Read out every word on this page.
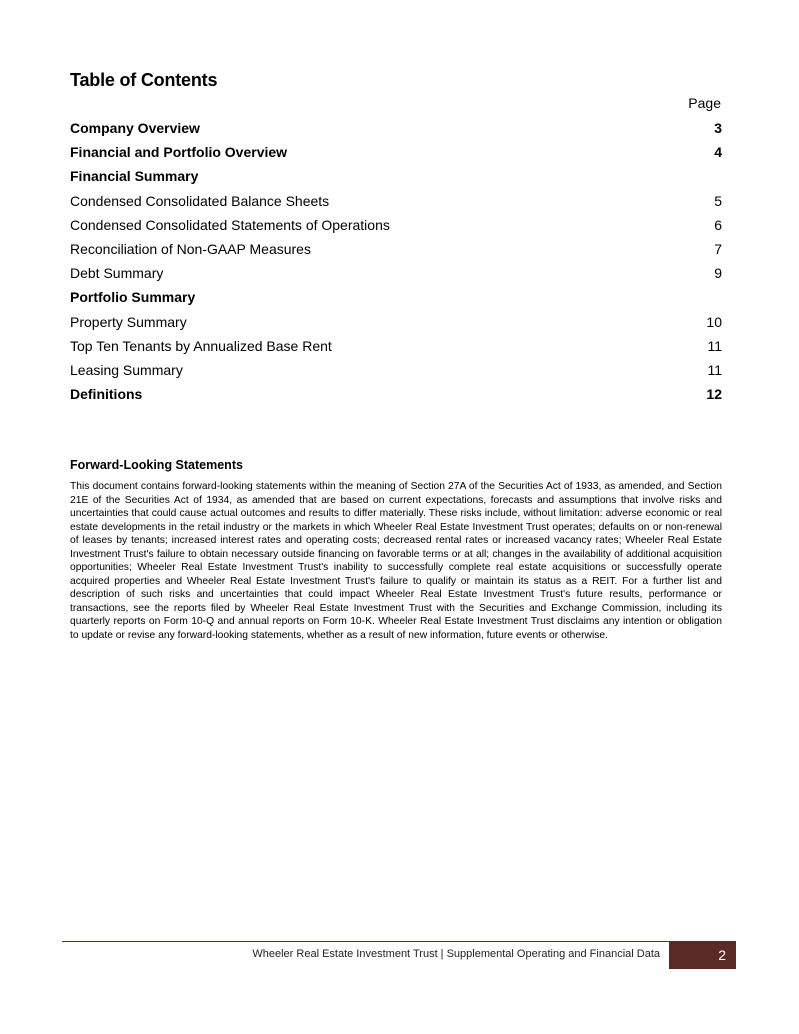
Table of Contents
Page
Company Overview	3
Financial and Portfolio Overview	4
Financial Summary
Condensed Consolidated Balance Sheets	5
Condensed Consolidated Statements of Operations	6
Reconciliation of Non-GAAP Measures	7
Debt Summary	9
Portfolio Summary
Property Summary	10
Top Ten Tenants by Annualized Base Rent	11
Leasing Summary	11
Definitions	12
Forward-Looking Statements

This document contains forward-looking statements within the meaning of Section 27A of the Securities Act of 1933, as amended, and Section 21E of the Securities Act of 1934, as amended that are based on current expectations, forecasts and assumptions that involve risks and uncertainties that could cause actual outcomes and results to differ materially. These risks include, without limitation: adverse economic or real estate developments in the retail industry or the markets in which Wheeler Real Estate Investment Trust operates; defaults on or non-renewal of leases by tenants; increased interest rates and operating costs; decreased rental rates or increased vacancy rates; Wheeler Real Estate Investment Trust's failure to obtain necessary outside financing on favorable terms or at all; changes in the availability of additional acquisition opportunities; Wheeler Real Estate Investment Trust's inability to successfully complete real estate acquisitions or successfully operate acquired properties and Wheeler Real Estate Investment Trust's failure to qualify or maintain its status as a REIT. For a further list and description of such risks and uncertainties that could impact Wheeler Real Estate Investment Trust's future results, performance or transactions, see the reports filed by Wheeler Real Estate Investment Trust with the Securities and Exchange Commission, including its quarterly reports on Form 10-Q and annual reports on Form 10-K. Wheeler Real Estate Investment Trust disclaims any intention or obligation to update or revise any forward-looking statements, whether as a result of new information, future events or otherwise.

Wheeler Real Estate Investment Trust | Supplemental Operating and Financial Data	2
